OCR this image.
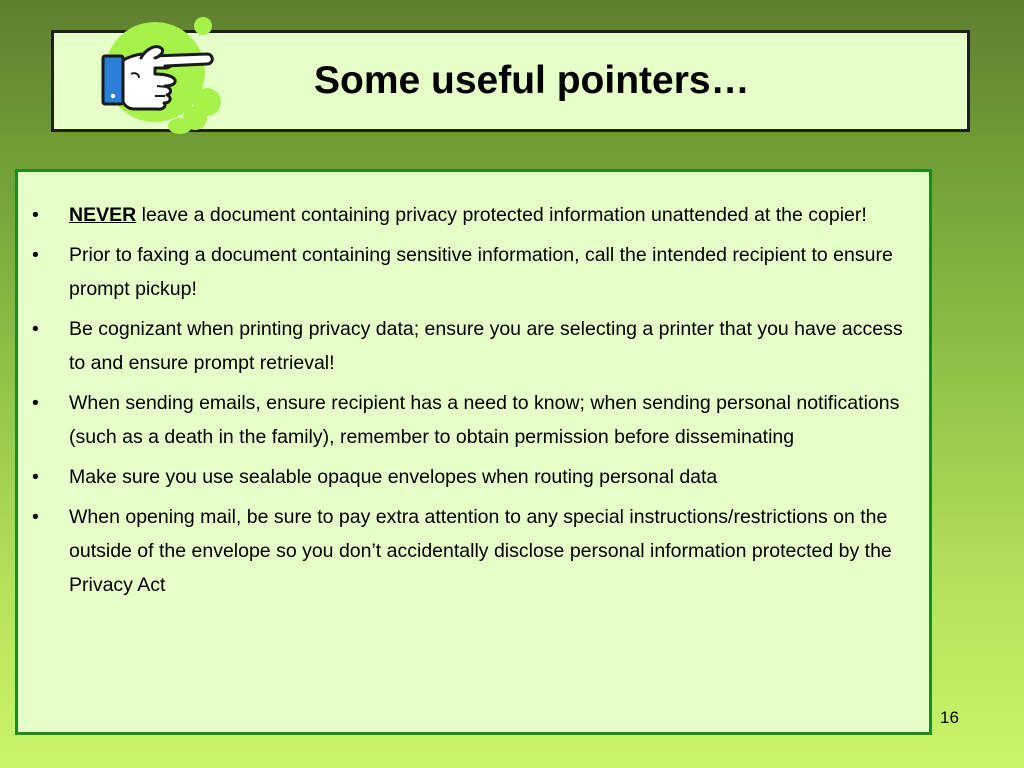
Some useful pointers…
• NEVER leave a document containing privacy protected information unattended at the copier!
• Prior to faxing a document containing sensitive information, call the intended recipient to ensure prompt pickup!
• Be cognizant when printing privacy data; ensure you are selecting a printer that you have access to and ensure prompt retrieval!
• When sending emails, ensure recipient has a need to know; when sending personal notifications (such as a death in the family), remember to obtain permission before disseminating
• Make sure you use sealable opaque envelopes when routing personal data
• When opening mail, be sure to pay extra attention to any special instructions/restrictions on the outside of the envelope so you don’t accidentally disclose personal information protected by the Privacy Act
16
